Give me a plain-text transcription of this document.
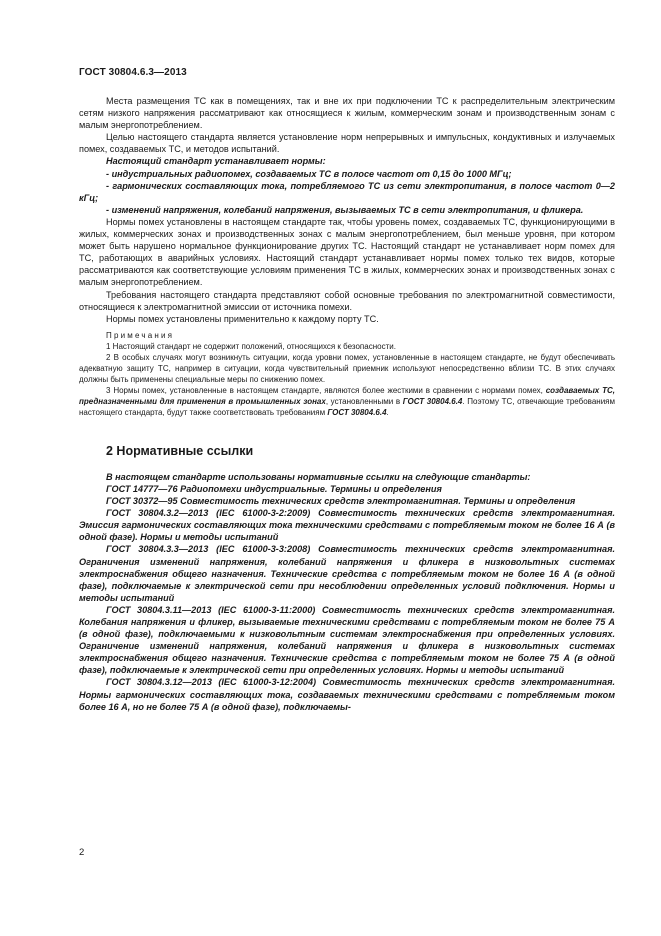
ГОСТ 30804.6.3—2013

Места размещения ТС как в помещениях, так и вне их при подключении ТС к распределительным электрическим сетям низкого напряжения рассматривают как относящиеся к жилым, коммерческим зонам и производственным зонам с малым энергопотреблением.

Целью настоящего стандарта является установление норм непрерывных и импульсных, кондуктивных и излучаемых помех, создаваемых ТС, и методов испытаний.

Настоящий стандарт устанавливает нормы:

- индустриальных радиопомех, создаваемых ТС в полосе частот от 0,15 до 1000 МГц;

- гармонических составляющих тока, потребляемого ТС из сети электропитания, в полосе частот 0—2 кГц;

- изменений напряжения, колебаний напряжения, вызываемых ТС в сети электропитания, и фликера.

Нормы помех установлены в настоящем стандарте так, чтобы уровень помех, создаваемых ТС, функционирующими в жилых, коммерческих зонах и производственных зонах с малым энергопотреблением, был меньше уровня, при котором может быть нарушено нормальное функционирование других ТС. Настоящий стандарт не устанавливает норм помех для ТС, работающих в аварийных условиях. Настоящий стандарт устанавливает нормы помех только тех видов, которые рассматриваются как соответствующие условиям применения ТС в жилых, коммерческих зонах и производственных зонах с малым энергопотреблением.

Требования настоящего стандарта представляют собой основные требования по электромагнитной совместимости, относящиеся к электромагнитной эмиссии от источника помехи.

Нормы помех установлены применительно к каждому порту ТС.

Примечания

1 Настоящий стандарт не содержит положений, относящихся к безопасности.

2 В особых случаях могут возникнуть ситуации, когда уровни помех, установленные в настоящем стандарте, не будут обеспечивать адекватную защиту ТС, например в ситуации, когда чувствительный приемник используют непосредственно вблизи ТС. В этих случаях должны быть применены специальные меры по снижению помех.

3 Нормы помех, установленные в настоящем стандарте, являются более жесткими в сравнении с нормами помех, создаваемых ТС, предназначенными для применения в промышленных зонах, установленными в ГОСТ 30804.6.4. Поэтому ТС, отвечающие требованиям настоящего стандарта, будут также соответствовать требованиям ГОСТ 30804.6.4.

2 Нормативные ссылки

В настоящем стандарте использованы нормативные ссылки на следующие стандарты:

ГОСТ 14777—76 Радиопомехи индустриальные. Термины и определения

ГОСТ 30372—95 Совместимость технических средств электромагнитная. Термины и определения

ГОСТ 30804.3.2—2013 (IEC 61000-3-2:2009) Совместимость технических средств электромагнитная. Эмиссия гармонических составляющих тока техническими средствами с потребляемым током не более 16 А (в одной фазе). Нормы и методы испытаний

ГОСТ 30804.3.3—2013 (IEC 61000-3-3:2008) Совместимость технических средств электромагнитная. Ограничения изменений напряжения, колебаний напряжения и фликера в низковольтных системах электроснабжения общего назначения. Технические средства с потребляемым током не более 16 А (в одной фазе), подключаемые к электрической сети при несоблюдении определенных условий подключения. Нормы и методы испытаний

ГОСТ 30804.3.11—2013 (IEC 61000-3-11:2000) Совместимость технических средств электромагнитная. Колебания напряжения и фликер, вызываемые техническими средствами с потребляемым током не более 75 А (в одной фазе), подключаемыми к низковольтным системам электроснабжения при определенных условиях. Ограничение изменений напряжения, колебаний напряжения и фликера в низковольтных системах электроснабжения общего назначения. Технические средства с потребляемым током не более 75 А (в одной фазе), подключаемые к электрической сети при определенных условиях. Нормы и методы испытаний

ГОСТ 30804.3.12—2013 (IEC 61000-3-12:2004) Совместимость технических средств электромагнитная. Нормы гармонических составляющих тока, создаваемых техническими средствами с потребляемым током более 16 А, но не более 75 А (в одной фазе), подключаемы-

2
